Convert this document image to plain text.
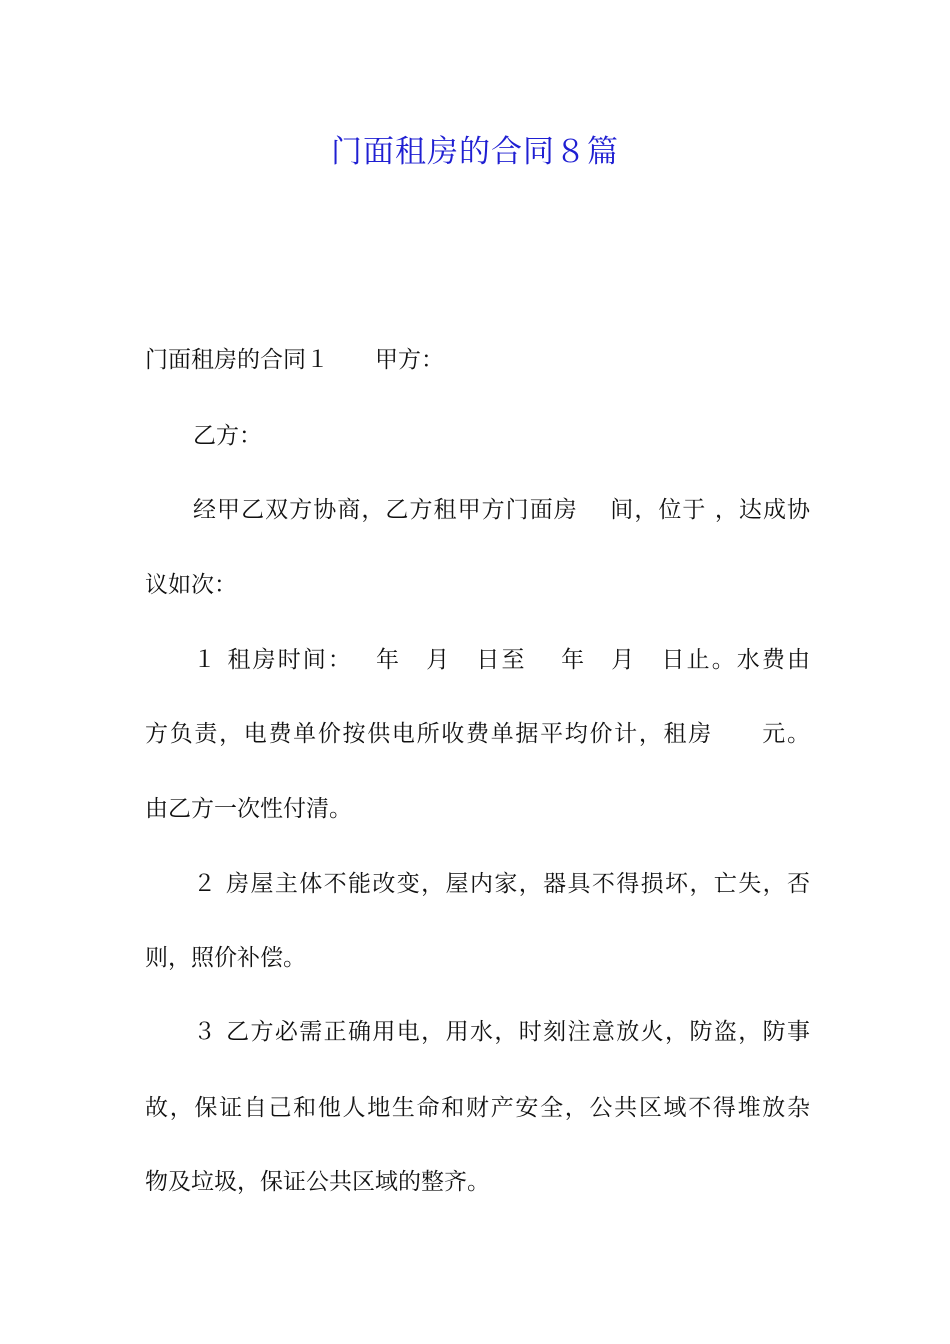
门面租房的合同８篇
门面租房的合同１　　甲方：
乙方：
经甲乙双方协商，乙方租甲方门面房　 间，位于 ，达成协
议如次：
１ 租房时间：　 年　月　日至　 年　月　日止。水费由
方负责，电费单价按供电所收费单据平均价计，租房　　元。
由乙方一次性付清。
２ 房屋主体不能改变，屋内家，器具不得损坏，亡失，否
则，照价补偿。
３ 乙方必需正确用电，用水，时刻注意放火，防盗，防事
故，保证自己和他人地生命和财产安全，公共区域不得堆放杂
物及垃圾，保证公共区域的整齐。
